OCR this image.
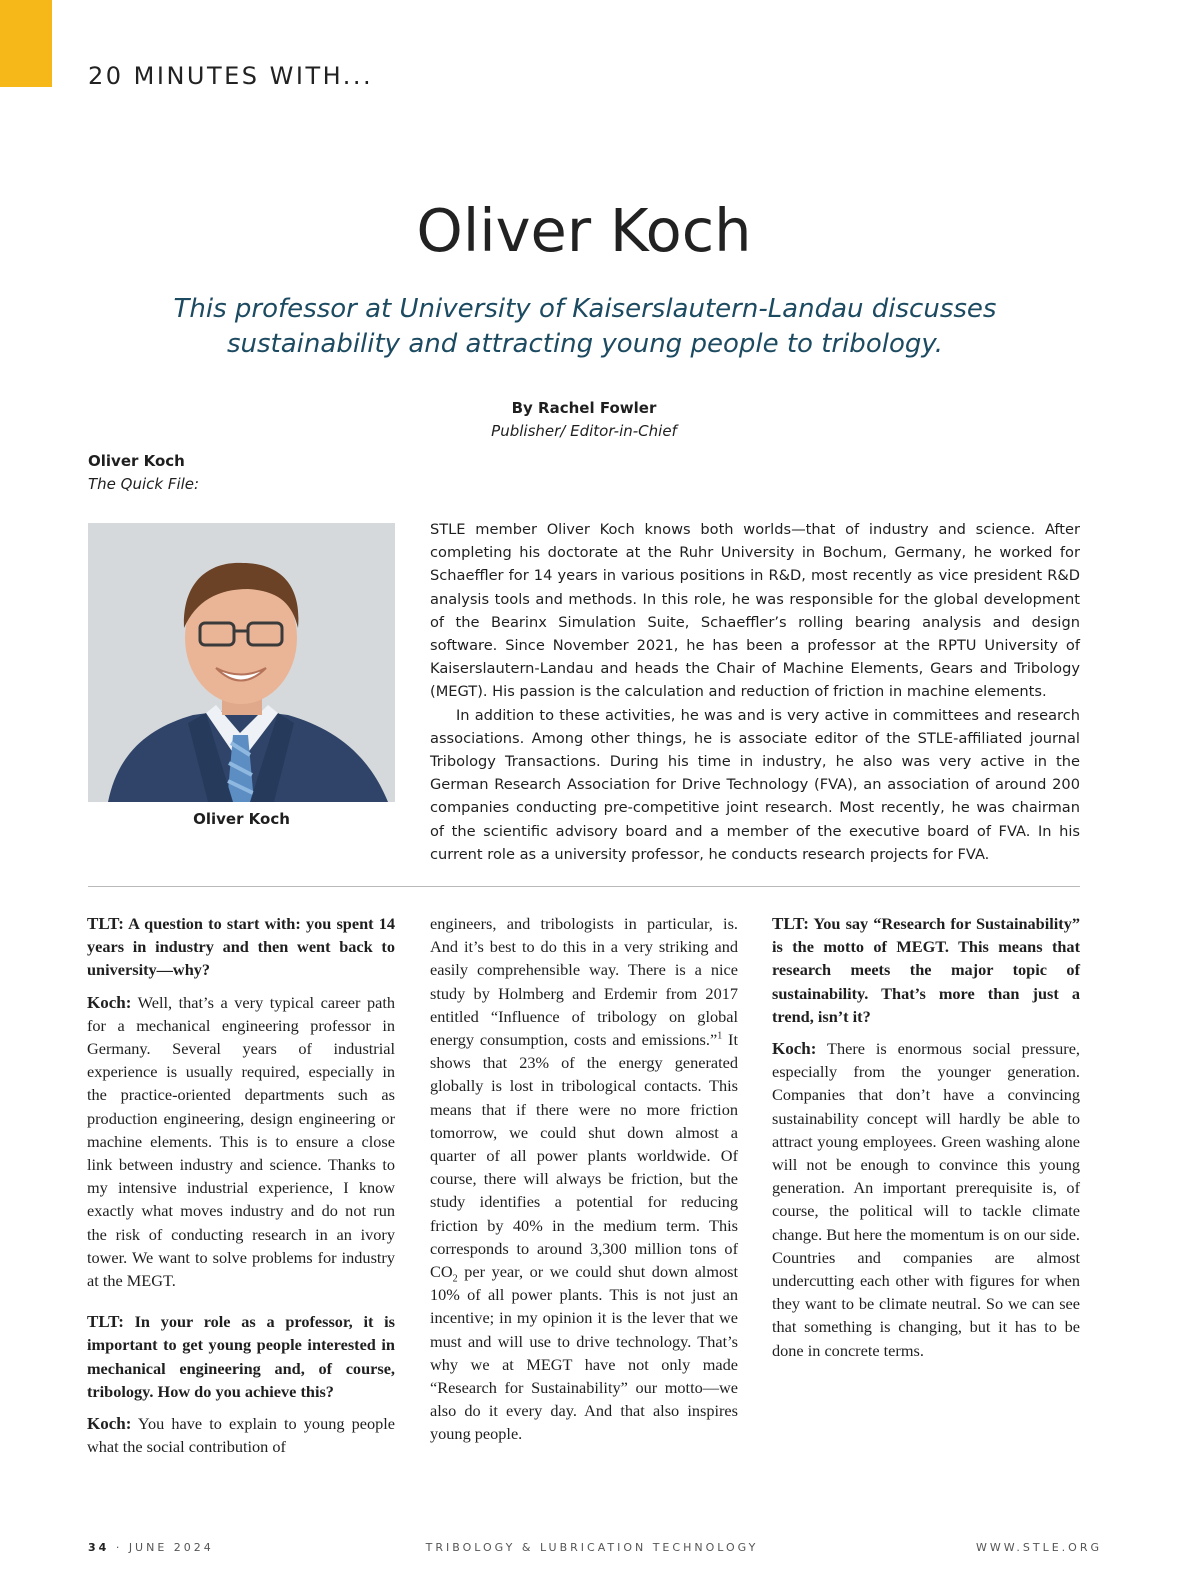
20 MINUTES WITH...
Oliver Koch

This professor at University of Kaiserslautern-Landau discusses sustainability and attracting young people to tribology.

By Rachel Fowler
Publisher/ Editor-in-Chief
Oliver Koch
The Quick File:
Oliver Koch

STLE member Oliver Koch knows both worlds—that of industry and science. After completing his doctorate at the Ruhr University in Bochum, Germany, he worked for Schaeffler for 14 years in various positions in R&D, most recently as vice president R&D analysis tools and methods. In this role, he was responsible for the global development of the Bearinx Simulation Suite, Schaeffler’s rolling bearing analysis and design software. Since November 2021, he has been a professor at the RPTU University of Kaiserslautern-Landau and heads the Chair of Machine Elements, Gears and Tribology (MEGT). His passion is the calculation and reduction of friction in machine elements.

In addition to these activities, he was and is very active in committees and research associations. Among other things, he is associate editor of the STLE-affiliated journal Tribology Transactions. During his time in industry, he also was very active in the German Research Association for Drive Technology (FVA), an association of around 200 companies conducting pre-competitive joint research. Most recently, he was chairman of the scientific advisory board and a member of the executive board of FVA. In his current role as a university professor, he conducts research projects for FVA.

TLT: A question to start with: you spent 14 years in industry and then went back to university—why?

Koch: Well, that’s a very typical career path for a mechanical engineering professor in Germany. Several years of industrial experience is usually required, especially in the practice-oriented departments such as production engineering, design engineering or machine elements. This is to ensure a close link between industry and science. Thanks to my intensive industrial experience, I know exactly what moves industry and do not run the risk of conducting research in an ivory tower. We want to solve problems for industry at the MEGT.

TLT: In your role as a professor, it is important to get young people interested in mechanical engineering and, of course, tribology. How do you achieve this?

Koch: You have to explain to young people what the social contribution of

engineers, and tribologists in particular, is. And it’s best to do this in a very striking and easily comprehensible way. There is a nice study by Holmberg and Erdemir from 2017 entitled “Influence of tribology on global energy consumption, costs and emissions.”$^1$ It shows that 23% of the energy generated globally is lost in tribological contacts. This means that if there were no more friction tomorrow, we could shut down almost a quarter of all power plants worldwide. Of course, there will always be friction, but the study identifies a potential for reducing friction by 40% in the medium term. This corresponds to around 3,300 million tons of $CO_2$ per year, or we could shut down almost 10% of all power plants. This is not just an incentive; in my opinion it is the lever that we must and will use to drive technology. That’s why we at MEGT have not only made “Research for Sustainability” our motto—we also do it every day. And that also inspires young people.

TLT: You say “Research for Sustainability” is the motto of MEGT. This means that research meets the major topic of sustainability. That’s more than just a trend, isn’t it?

Koch: There is enormous social pressure, especially from the younger generation. Companies that don’t have a convincing sustainability concept will hardly be able to attract young employees. Green washing alone will not be enough to convince this young generation. An important prerequisite is, of course, the political will to tackle climate change. But here the momentum is on our side. Countries and companies are almost undercutting each other with figures for when they want to be climate neutral. So we can see that something is changing, but it has to be done in concrete terms.

34 · JUNE 2024	TRIBOLOGY & LUBRICATION TECHNOLOGY	WWW.STLE.ORG
